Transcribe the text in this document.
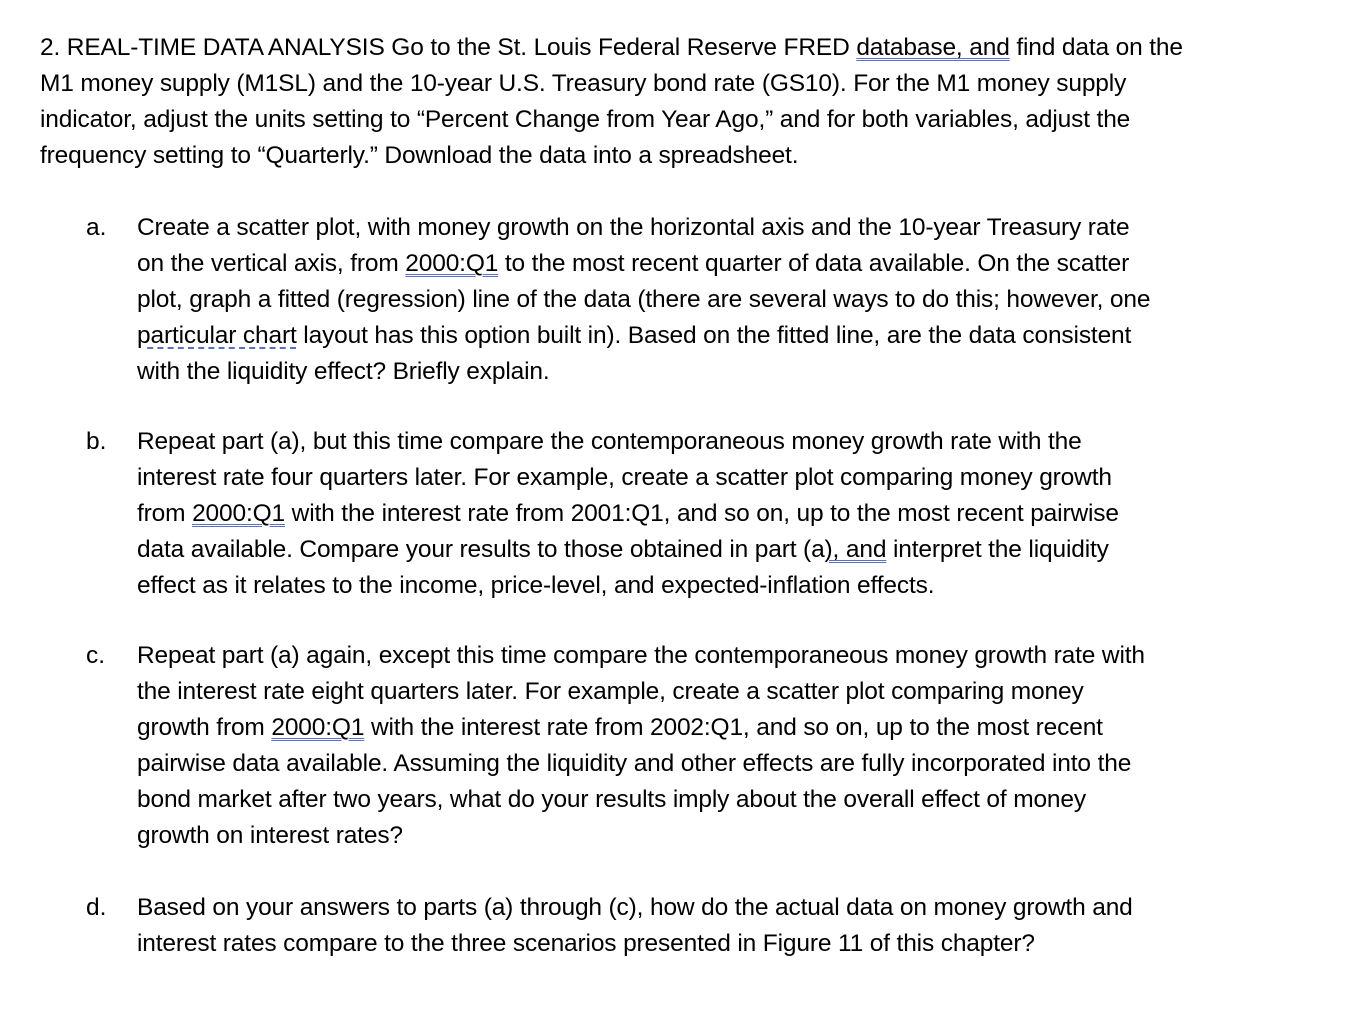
2. REAL-TIME DATA ANALYSIS Go to the St. Louis Federal Reserve FRED database, and find data on the
M1 money supply (M1SL) and the 10-year U.S. Treasury bond rate (GS10). For the M1 money supply
indicator, adjust the units setting to “Percent Change from Year Ago,” and for both variables, adjust the
frequency setting to “Quarterly.” Download the data into a spreadsheet.
a. Create a scatter plot, with money growth on the horizontal axis and the 10-year Treasury rate
on the vertical axis, from 2000:Q1 to the most recent quarter of data available. On the scatter
plot, graph a fitted (regression) line of the data (there are several ways to do this; however, one
particular chart layout has this option built in). Based on the fitted line, are the data consistent
with the liquidity effect? Briefly explain.
b. Repeat part (a), but this time compare the contemporaneous money growth rate with the
interest rate four quarters later. For example, create a scatter plot comparing money growth
from 2000:Q1 with the interest rate from 2001:Q1, and so on, up to the most recent pairwise
data available. Compare your results to those obtained in part (a), and interpret the liquidity
effect as it relates to the income, price-level, and expected-inflation effects.
c. Repeat part (a) again, except this time compare the contemporaneous money growth rate with
the interest rate eight quarters later. For example, create a scatter plot comparing money
growth from 2000:Q1 with the interest rate from 2002:Q1, and so on, up to the most recent
pairwise data available. Assuming the liquidity and other effects are fully incorporated into the
bond market after two years, what do your results imply about the overall effect of money
growth on interest rates?
d. Based on your answers to parts (a) through (c), how do the actual data on money growth and
interest rates compare to the three scenarios presented in Figure 11 of this chapter?
